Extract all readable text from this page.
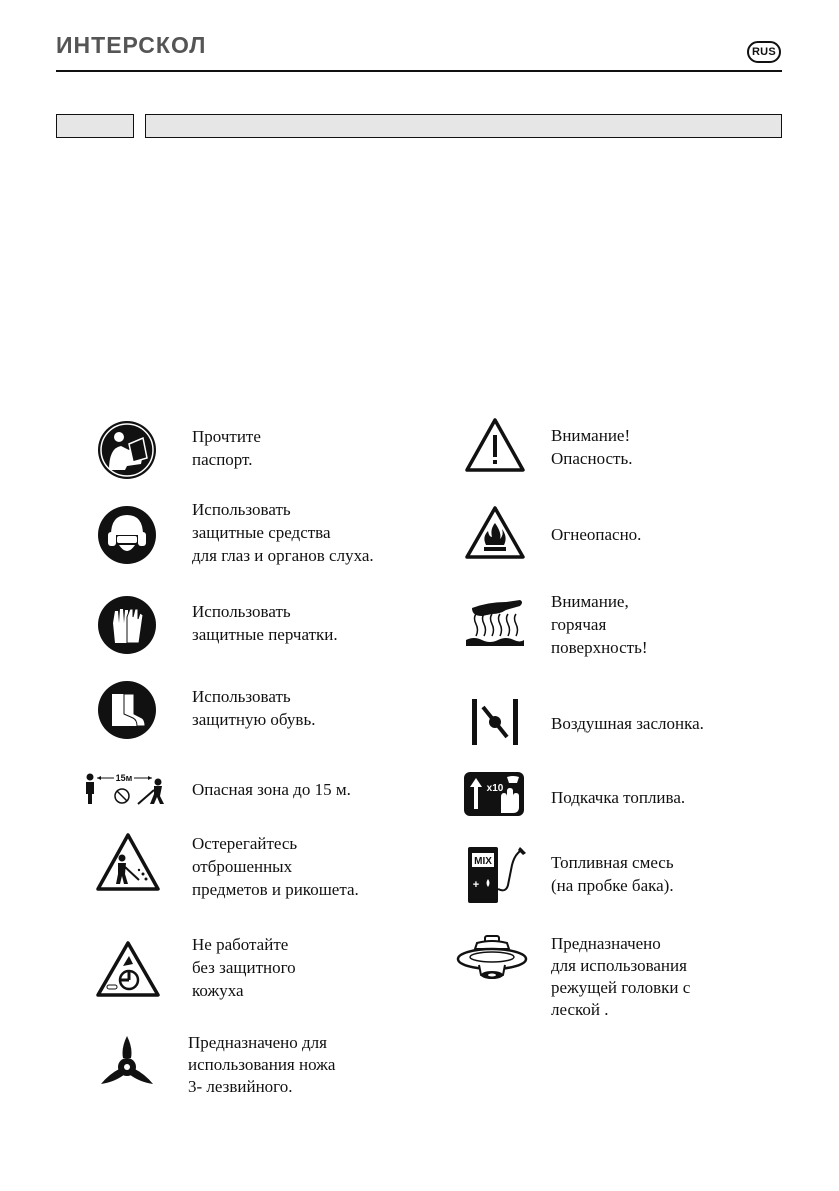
ИНТЕРСКОЛ	RUS
Прочтите
паспорт.
Использовать
защитные средства
для глаз и органов слуха.
Использовать
защитные перчатки.
Использовать
защитную обувь.
15м
Опасная зона до 15 м.
Остерегайтесь
отброшенных
предметов и рикошета.
Не работайте
без защитного
кожуха
Предназначено для
использования ножа
3- лезвийного.
Внимание!
Опасность.
Огнеопасно.
Внимание,
горячая
поверхность!
Воздушная заслонка.
x10	Подкачка топлива.
MIX
+
Топливная смесь
(на пробке бака).
Предназначено
для использования
режущей головки с
леской .
